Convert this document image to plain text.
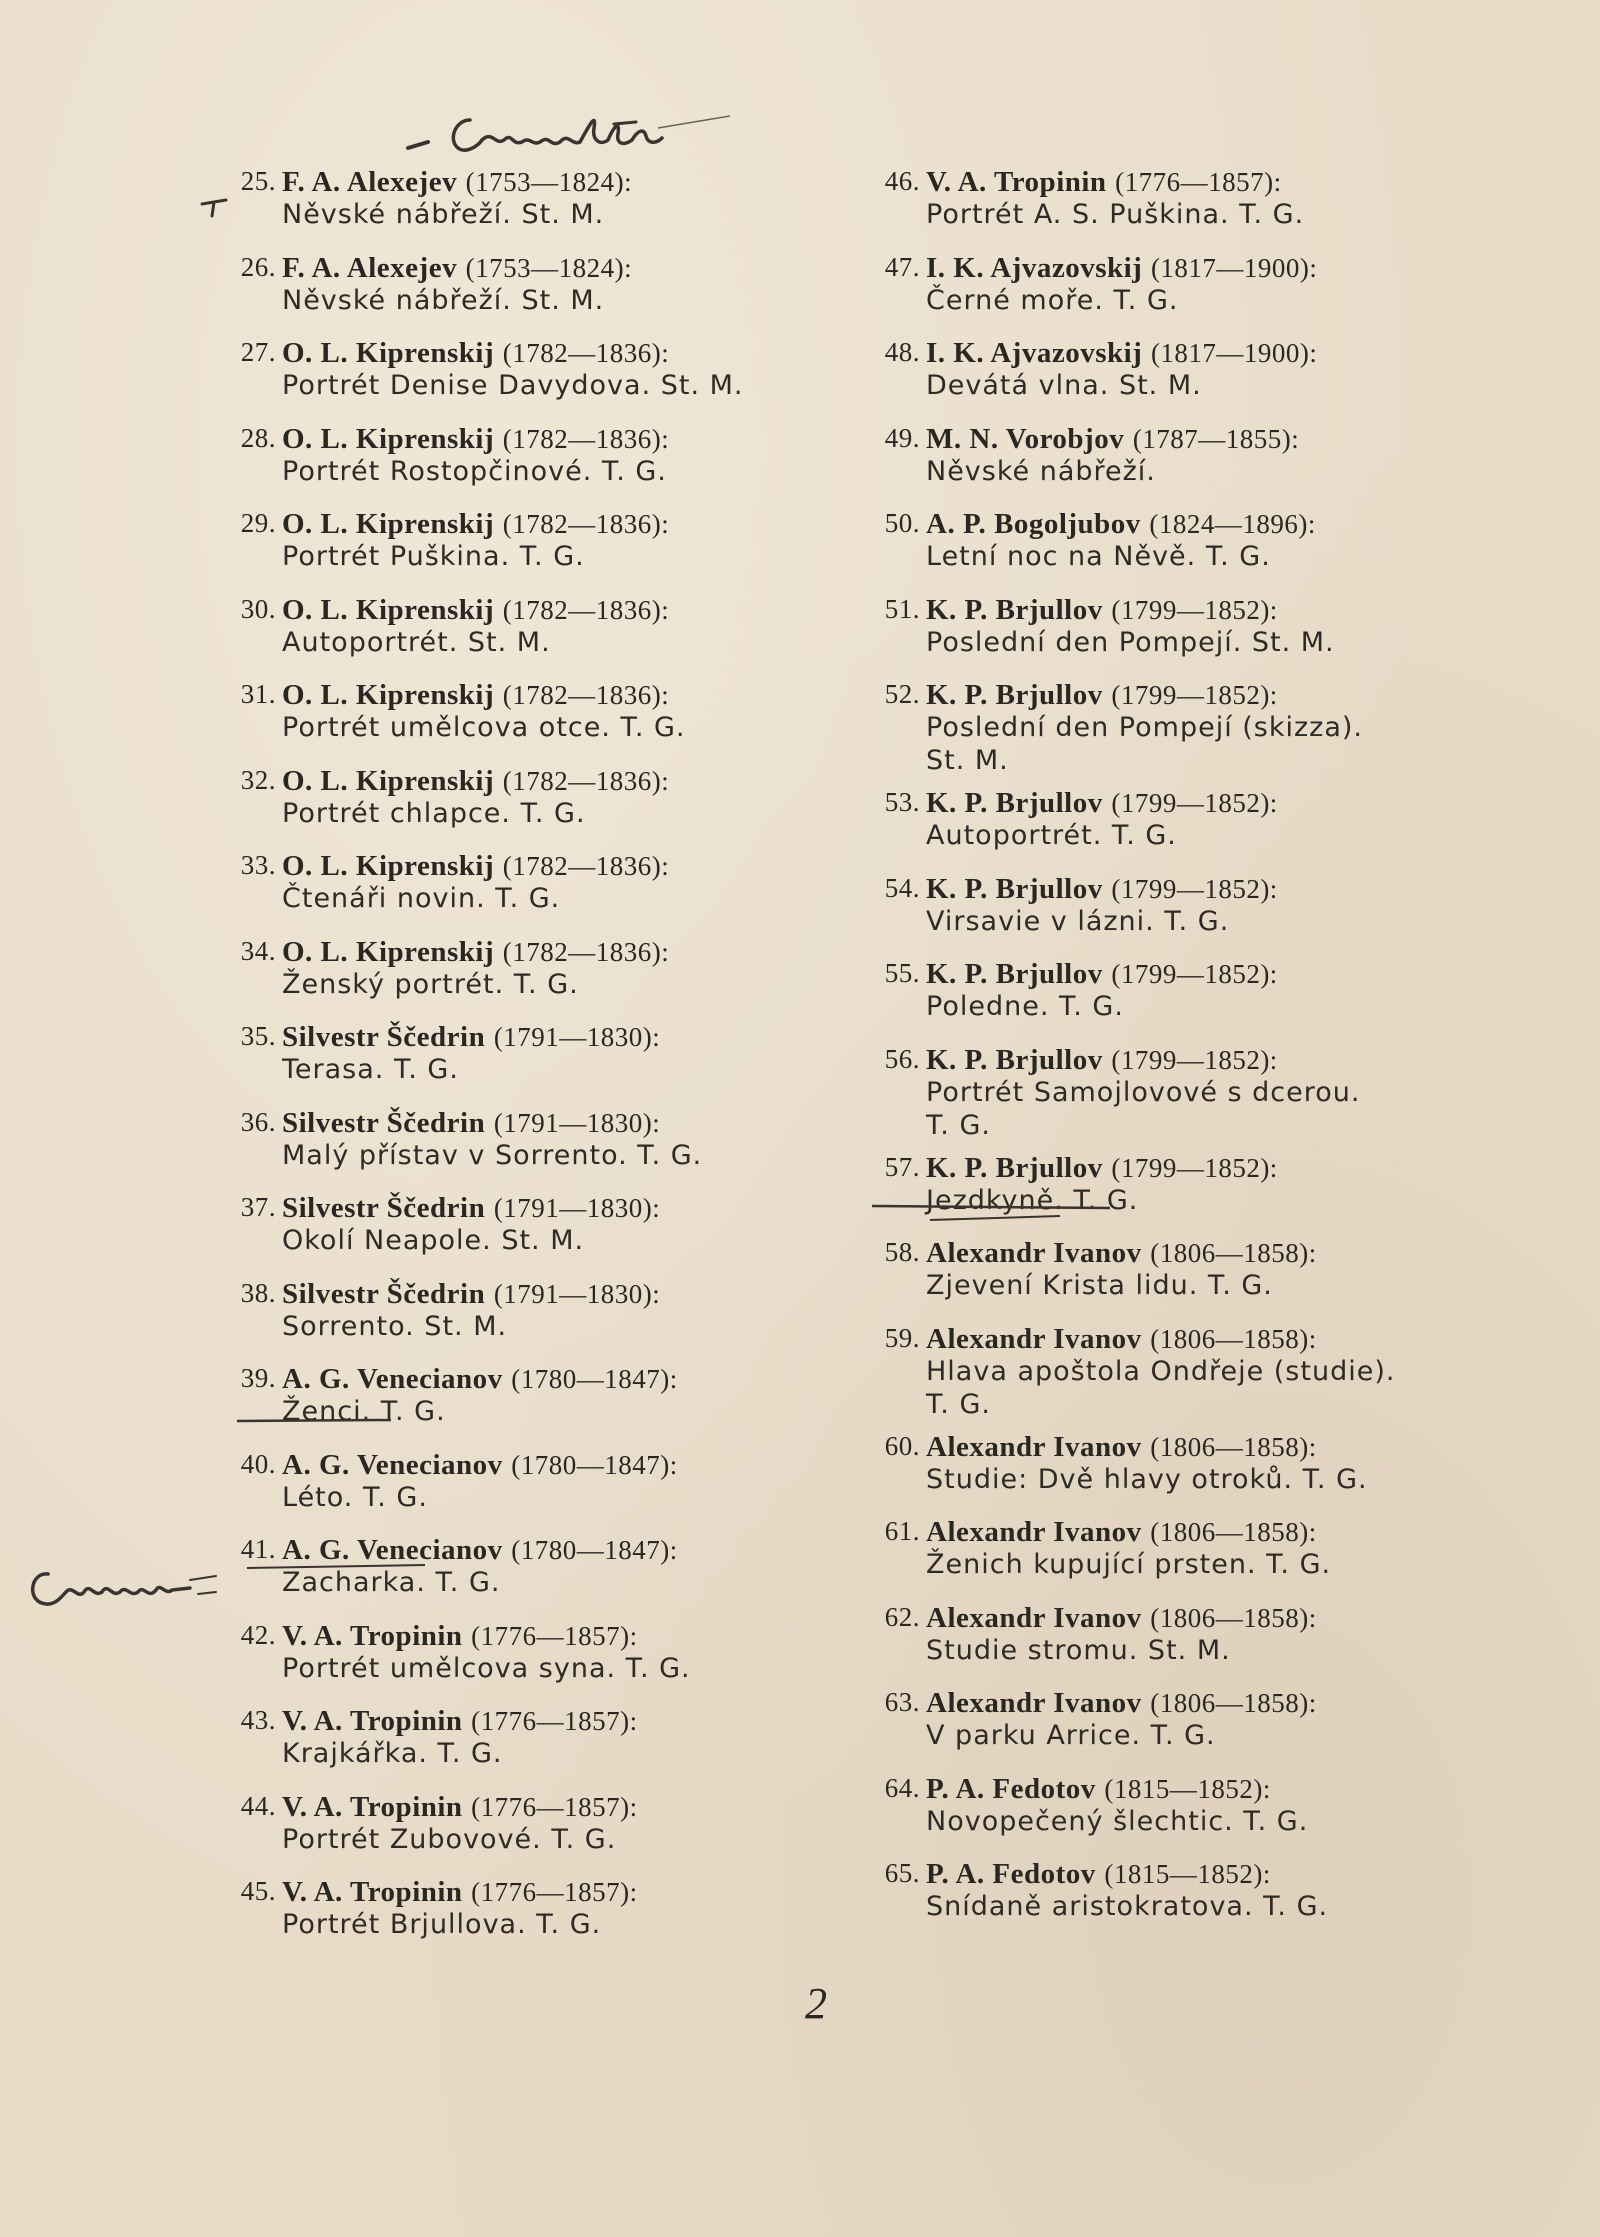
25. F. A. Alexejev (1753—1824):
Něvské nábřeží. St. M.
26. F. A. Alexejev (1753—1824):
Něvské nábřeží. St. M.
27. O. L. Kiprenskij (1782—1836):
Portrét Denise Davydova. St. M.
28. O. L. Kiprenskij (1782—1836):
Portrét Rostopčinové. T. G.
29. O. L. Kiprenskij (1782—1836):
Portrét Puškina. T. G.
30. O. L. Kiprenskij (1782—1836):
Autoportrét. St. M.
31. O. L. Kiprenskij (1782—1836):
Portrét umělcova otce. T. G.
32. O. L. Kiprenskij (1782—1836):
Portrét chlapce. T. G.
33. O. L. Kiprenskij (1782—1836):
Čtenáři novin. T. G.
34. O. L. Kiprenskij (1782—1836):
Ženský portrét. T. G.
35. Silvestr Ščedrin (1791—1830):
Terasa. T. G.
36. Silvestr Ščedrin (1791—1830):
Malý přístav v Sorrento. T. G.
37. Silvestr Ščedrin (1791—1830):
Okolí Neapole. St. M.
38. Silvestr Ščedrin (1791—1830):
Sorrento. St. M.
39. A. G. Venecianov (1780—1847):
Ženci. T. G.
40. A. G. Venecianov (1780—1847):
Léto. T. G.
41. A. G. Venecianov (1780—1847):
Zacharka. T. G.
42. V. A. Tropinin (1776—1857):
Portrét umělcova syna. T. G.
43. V. A. Tropinin (1776—1857):
Krajkářka. T. G.
44. V. A. Tropinin (1776—1857):
Portrét Zubovové. T. G.
45. V. A. Tropinin (1776—1857):
Portrét Brjullova. T. G.
46. V. A. Tropinin (1776—1857):
Portrét A. S. Puškina. T. G.
47. I. K. Ajvazovskij (1817—1900):
Černé moře. T. G.
48. I. K. Ajvazovskij (1817—1900):
Devátá vlna. St. M.
49. M. N. Vorobjov (1787—1855):
Něvské nábřeží.
50. A. P. Bogoljubov (1824—1896):
Letní noc na Něvě. T. G.
51. K. P. Brjullov (1799—1852):
Poslední den Pompejí. St. M.
52. K. P. Brjullov (1799—1852):
Poslední den Pompejí (skizza).
St. M.
53. K. P. Brjullov (1799—1852):
Autoportrét. T. G.
54. K. P. Brjullov (1799—1852):
Virsavie v lázni. T. G.
55. K. P. Brjullov (1799—1852):
Poledne. T. G.
56. K. P. Brjullov (1799—1852):
Portrét Samojlovové s dcerou.
T. G.
57. K. P. Brjullov (1799—1852):
Jezdkyně. T. G.
58. Alexandr Ivanov (1806—1858):
Zjevení Krista lidu. T. G.
59. Alexandr Ivanov (1806—1858):
Hlava apoštola Ondřeje (studie).
T. G.
60. Alexandr Ivanov (1806—1858):
Studie: Dvě hlavy otroků. T. G.
61. Alexandr Ivanov (1806—1858):
Ženich kupující prsten. T. G.
62. Alexandr Ivanov (1806—1858):
Studie stromu. St. M.
63. Alexandr Ivanov (1806—1858):
V parku Arrice. T. G.
64. P. A. Fedotov (1815—1852):
Novopečený šlechtic. T. G.
65. P. A. Fedotov (1815—1852):
Snídaně aristokratova. T. G.
2
